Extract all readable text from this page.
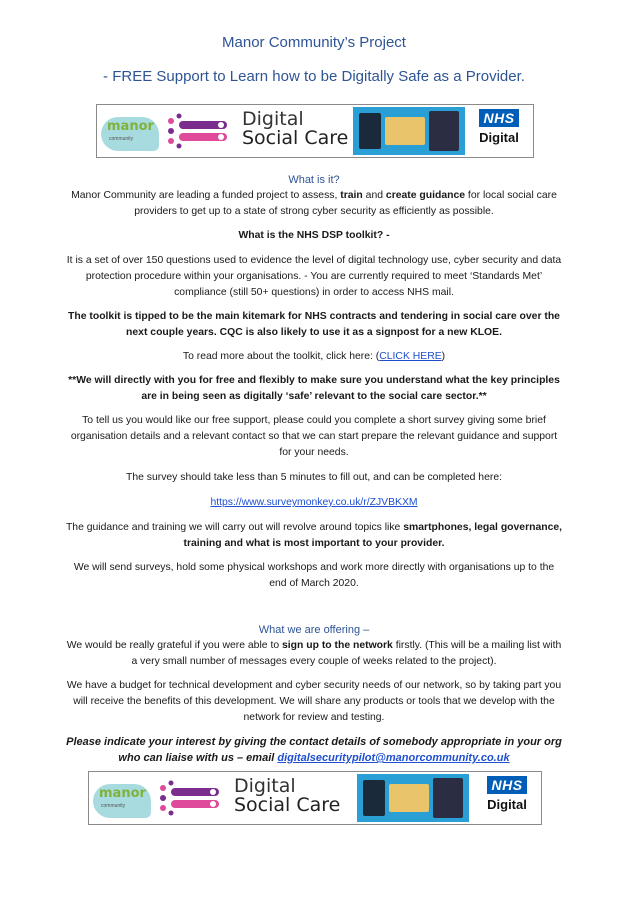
Manor Community’s Project
- FREE Support to Learn how to be Digitally Safe as a Provider.
manor
community
Digital
Social Care
NHS
Digital

What is it?

Manor Community are leading a funded project to assess, train and create guidance for local social care providers to get up to a state of strong cyber security as efficiently as possible.

What is the NHS DSP toolkit? -

It is a set of over 150 questions used to evidence the level of digital technology use, cyber security and data protection procedure within your organisations. - You are currently required to meet ‘Standards Met’ compliance (still 50+ questions) in order to access NHS mail.

The toolkit is tipped to be the main kitemark for NHS contracts and tendering in social care over the next couple years. CQC is also likely to use it as a signpost for a new KLOE.

To read more about the toolkit, click here: (CLICK HERE)

**We will directly with you for free and flexibly to make sure you understand what the key principles are in being seen as digitally ‘safe’ relevant to the social care sector.**

To tell us you would like our free support, please could you complete a short survey giving some brief organisation details and a relevant contact so that we can start prepare the relevant guidance and support for your needs.

The survey should take less than 5 minutes to fill out, and can be completed here:

https://www.surveymonkey.co.uk/r/ZJVBKXM

The guidance and training we will carry out will revolve around topics like smartphones, legal governance, training and what is most important to your provider.

We will send surveys, hold some physical workshops and work more directly with organisations up to the end of March 2020.

What we are offering –

We would be really grateful if you were able to sign up to the network firstly. (This will be a mailing list with a very small number of messages every couple of weeks related to the project).

We have a budget for technical development and cyber security needs of our network, so by taking part you will receive the benefits of this development. We will share any products or tools that we develop with the network for review and testing.

Please indicate your interest by giving the contact details of somebody appropriate in your org who can liaise with us – email digitalsecuritypilot@manorcommunity.co.uk

manor
community
Digital
Social Care
NHS
Digital
